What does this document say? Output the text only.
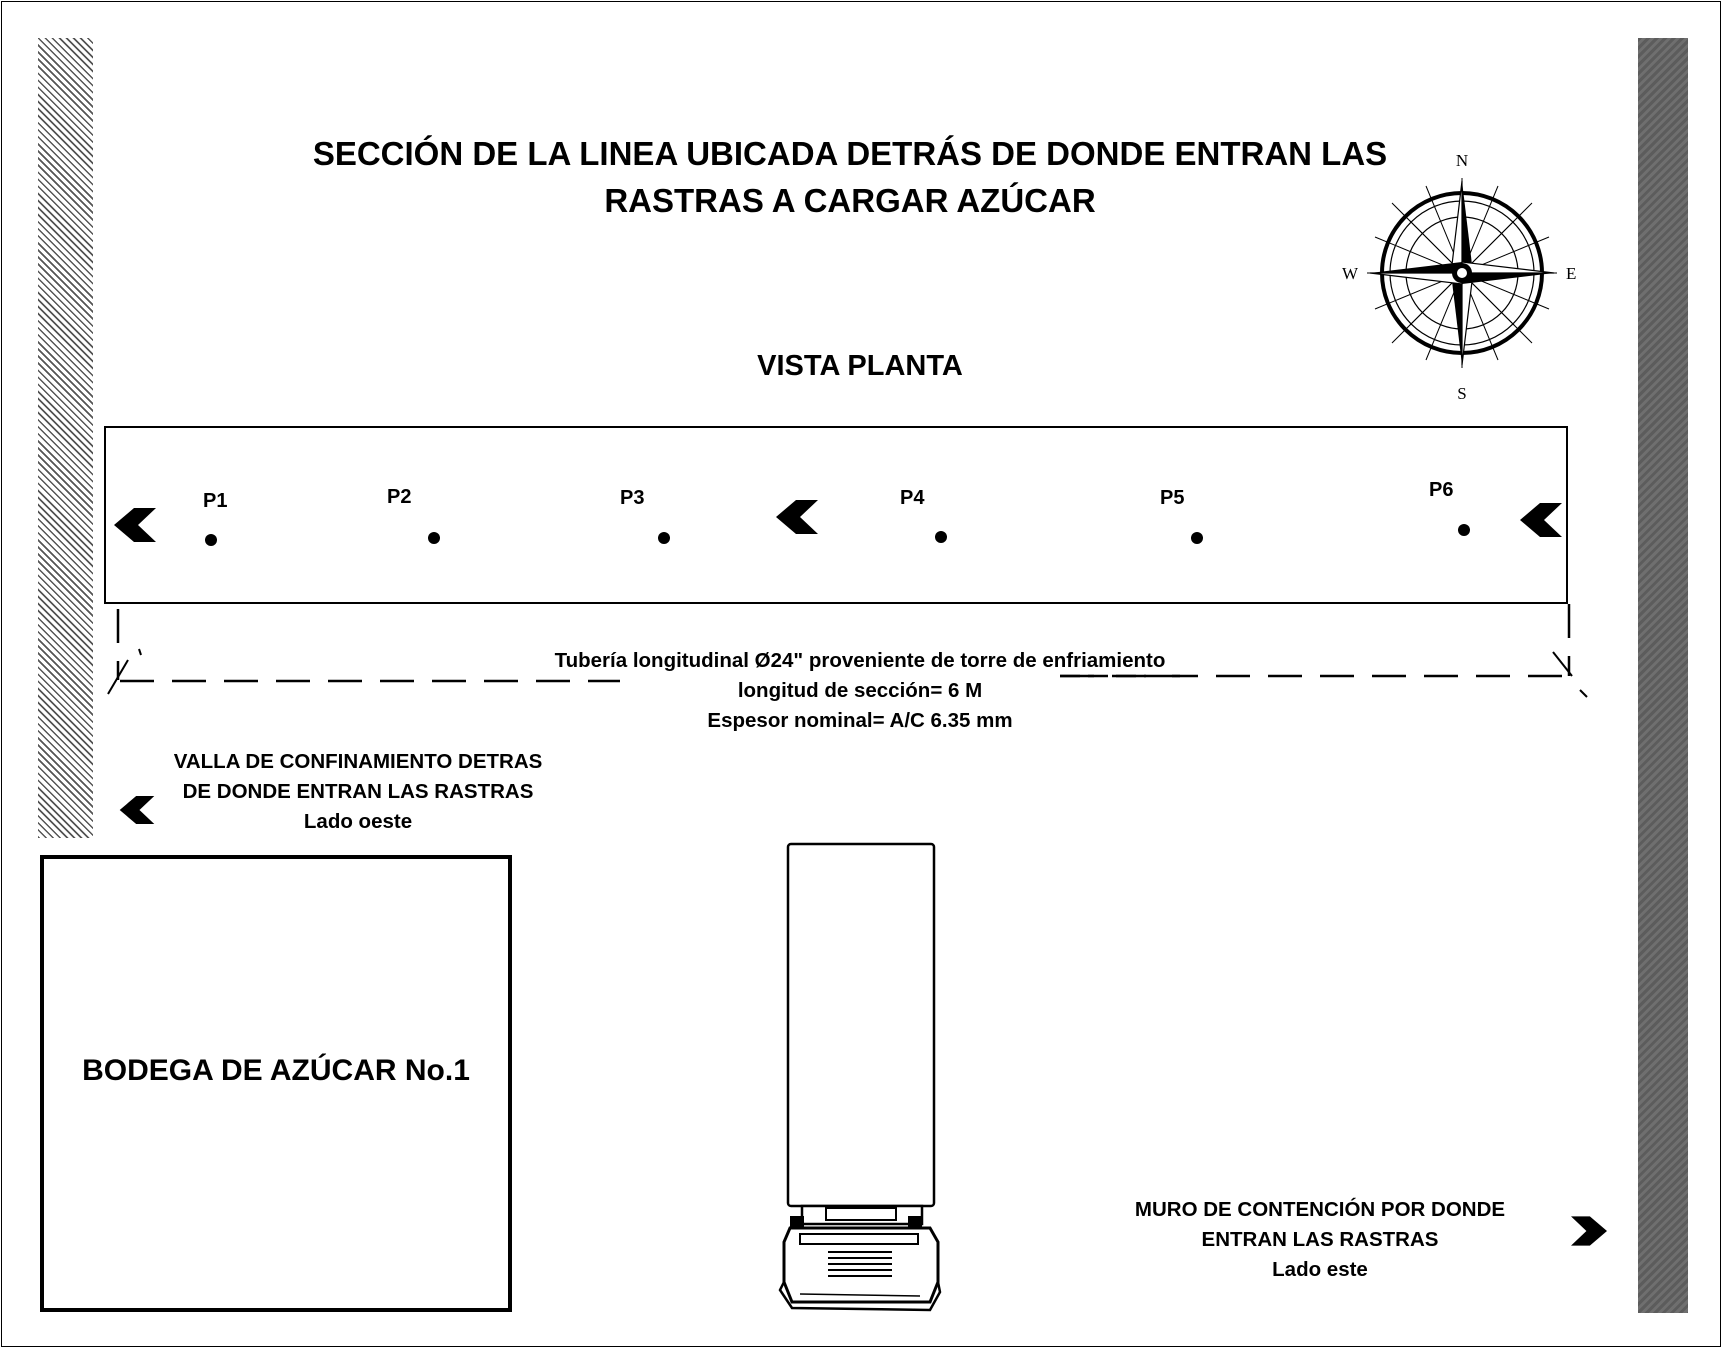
SECCIÓN DE LA LINEA UBICADA DETRÁS DE DONDE ENTRAN LAS
RASTRAS A CARGAR AZÚCAR
N
S
E
W
VISTA PLANTA
P1	P2	P3	P4	P5	P6
Tubería longitudinal Ø24" proveniente de torre de enfriamiento
longitud de sección= 6 M
Espesor nominal= A/C 6.35 mm
VALLA DE CONFINAMIENTO DETRAS
DE DONDE ENTRAN LAS RASTRAS
Lado oeste
BODEGA DE AZÚCAR No.1
MURO DE CONTENCIÓN POR DONDE
ENTRAN LAS RASTRAS
Lado este
